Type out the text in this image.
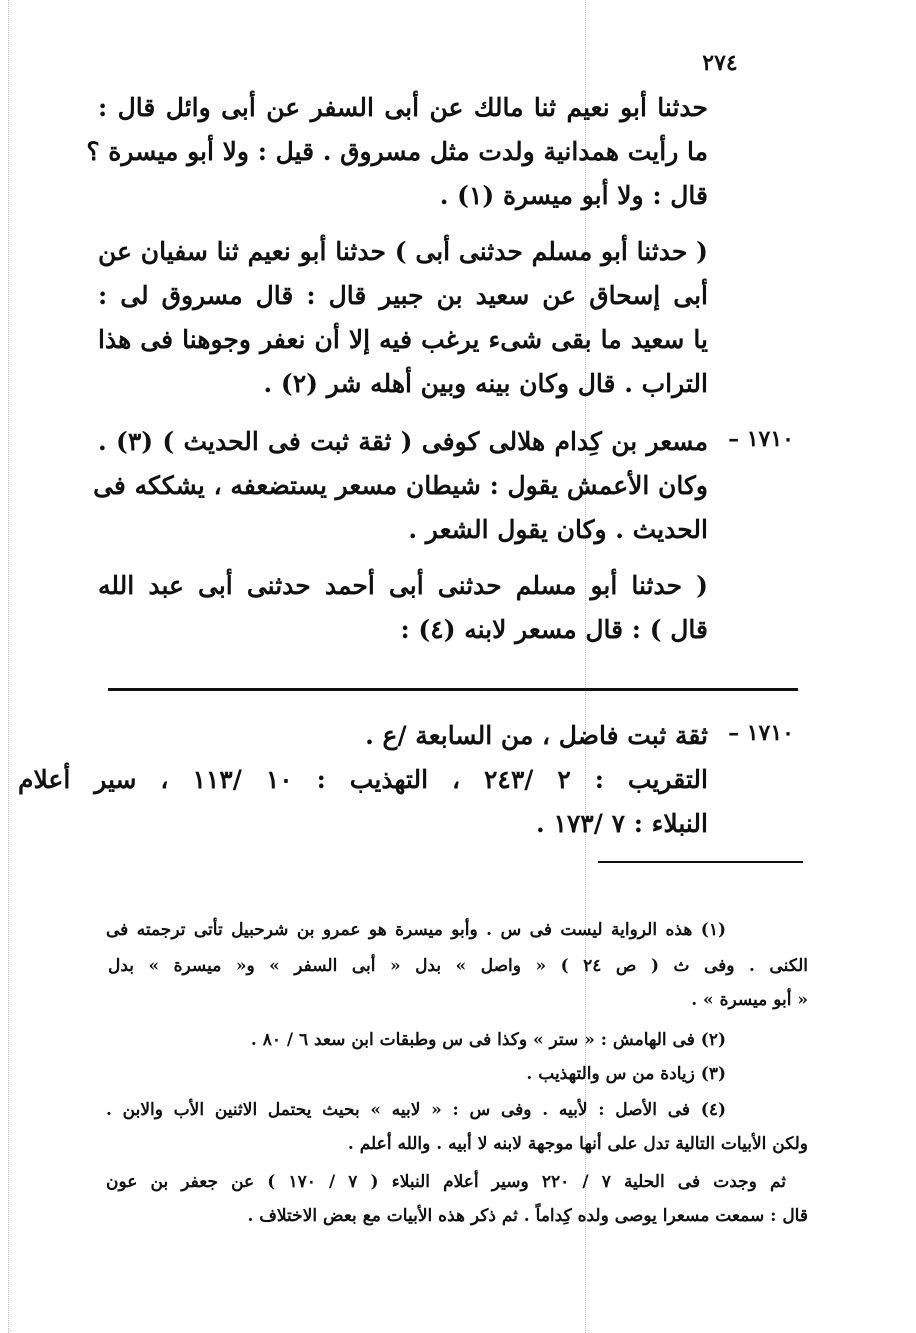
٢٧٤
حدثنا أبو نعيم ثنا مالك عن أبى السفر عن أبى وائل قال :
ما رأيت همدانية ولدت مثل مسروق . قيل : ولا أبو ميسرة ؟
قال : ولا أبو ميسرة (١) .
( حدثنا أبو مسلم حدثنى أبى ) حدثنا أبو نعيم ثنا سفيان عن
أبى إسحاق عن سعيد بن جبير قال : قال مسروق لى :
يا سعيد ما بقى شىء يرغب فيه إلا أن نعفر وجوهنا فى هذا
التراب . قال وكان بينه وبين أهله شر (٢) .
١٧١٠ –
مسعر بن كِدام هلالى كوفى ( ثقة ثبت فى الحديث ) (٣) .
وكان الأعمش يقول : شيطان مسعر يستضعفه ، يشككه فى
الحديث . وكان يقول الشعر .
( حدثنا أبو مسلم حدثنى أبى أحمد حدثنى أبى عبد الله
قال ) : قال مسعر لابنه (٤) :
١٧١٠ –
ثقة ثبت فاضل ، من السابعة /ع .
التقريب : ٢ /٢٤٣ ، التهذيب : ١٠ /١١٣ ، سير أعلام
النبلاء : ٧ /١٧٣ .
(١) هذه الرواية ليست فى س . وأبو ميسرة هو عمرو بن شرحبيل تأتى ترجمته فى
الكنى . وفى ث ( ص ٢٤ ) « واصل » بدل « أبى السفر » و« ميسرة » بدل
« أبو ميسرة » .
(٢) فى الهامش : « ستر » وكذا فى س وطبقات ابن سعد ٦ / ٨٠ .
(٣) زيادة من س والتهذيب .
(٤) فى الأصل : لأبيه . وفى س : « لابيه » بحيث يحتمل الاثنين الأب والابن .
ولكن الأبيات التالية تدل على أنها موجهة لابنه لا أبيه . والله أعلم .
ثم وجدت فى الحلية ٧ / ٢٢٠ وسير أعلام النبلاء ( ٧ / ١٧٠ ) عن جعفر بن عون
قال : سمعت مسعرا يوصى ولده كِداماً . ثم ذكر هذه الأبيات مع بعض الاختلاف .
